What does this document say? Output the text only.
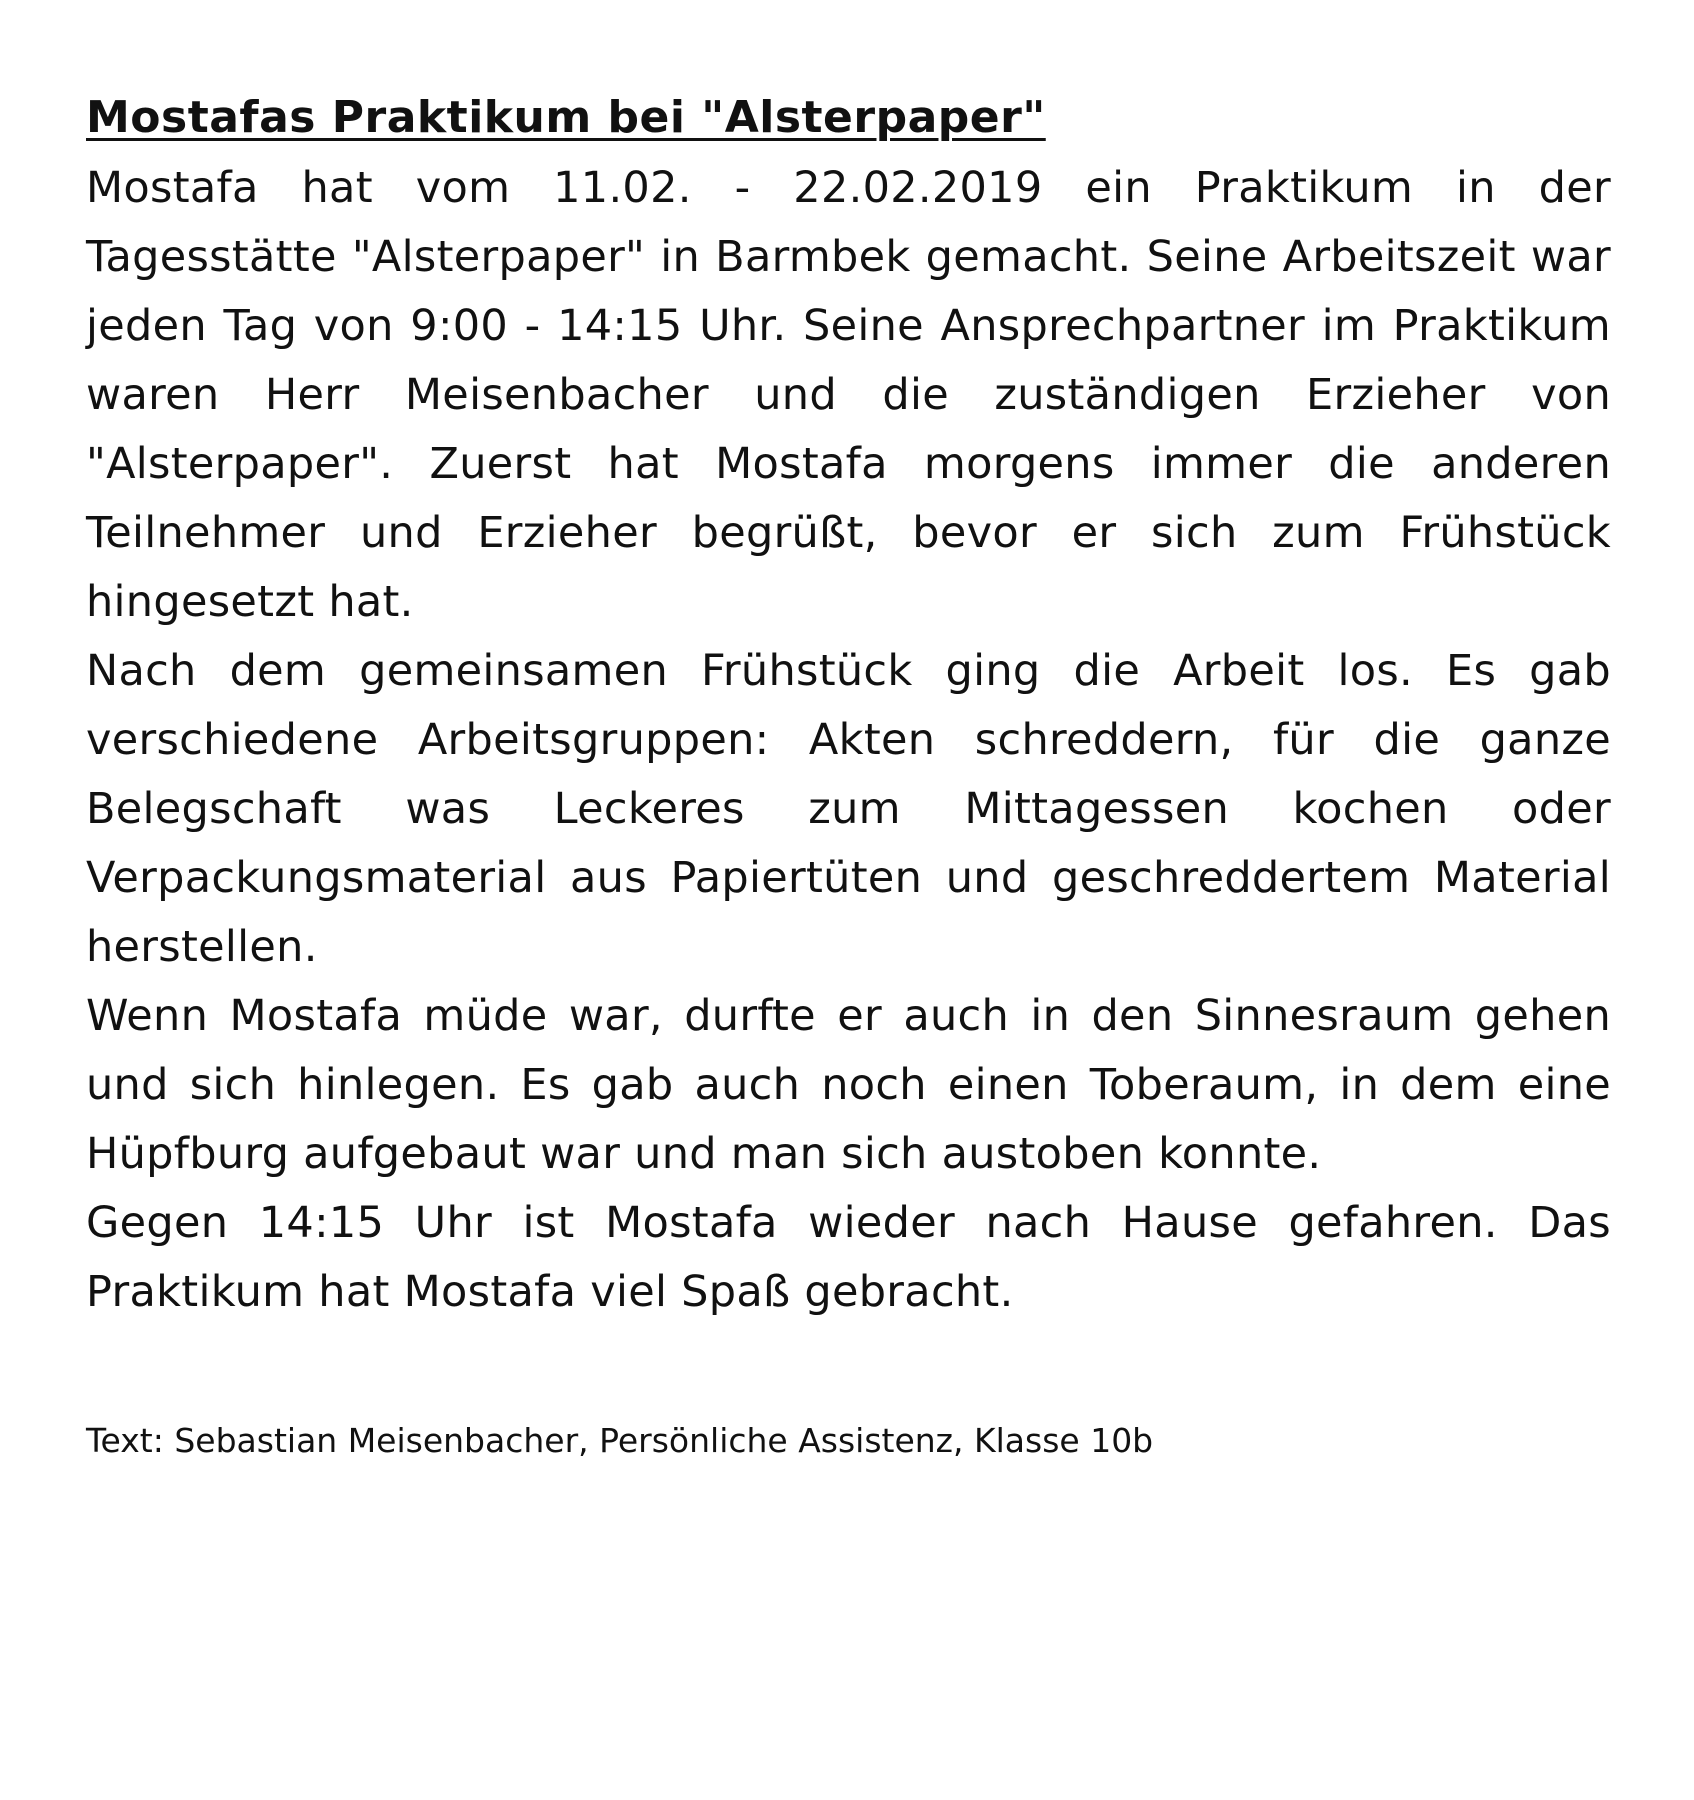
Mostafas Praktikum bei "Alsterpaper"

Mostafa hat vom 11.02. - 22.02.2019 ein Praktikum in der Tagesstätte "Alsterpaper" in Barmbek gemacht. Seine Arbeitszeit war jeden Tag von 9:00 - 14:15 Uhr. Seine Ansprechpartner im Praktikum waren Herr Meisenbacher und die zuständigen Erzieher von "Alsterpaper". Zuerst hat Mostafa morgens immer die anderen Teilnehmer und Erzieher begrüßt, bevor er sich zum Frühstück hingesetzt hat.

Nach dem gemeinsamen Frühstück ging die Arbeit los. Es gab verschiedene Arbeitsgruppen: Akten schreddern, für die ganze Belegschaft was Leckeres zum Mittagessen kochen oder Verpackungsmaterial aus Papiertüten und geschreddertem Material herstellen.

Wenn Mostafa müde war, durfte er auch in den Sinnesraum gehen und sich hinlegen. Es gab auch noch einen Toberaum, in dem eine Hüpfburg aufgebaut war und man sich austoben konnte.

Gegen 14:15 Uhr ist Mostafa wieder nach Hause gefahren. Das Praktikum hat Mostafa viel Spaß gebracht.

Text: Sebastian Meisenbacher, Persönliche Assistenz, Klasse 10b
